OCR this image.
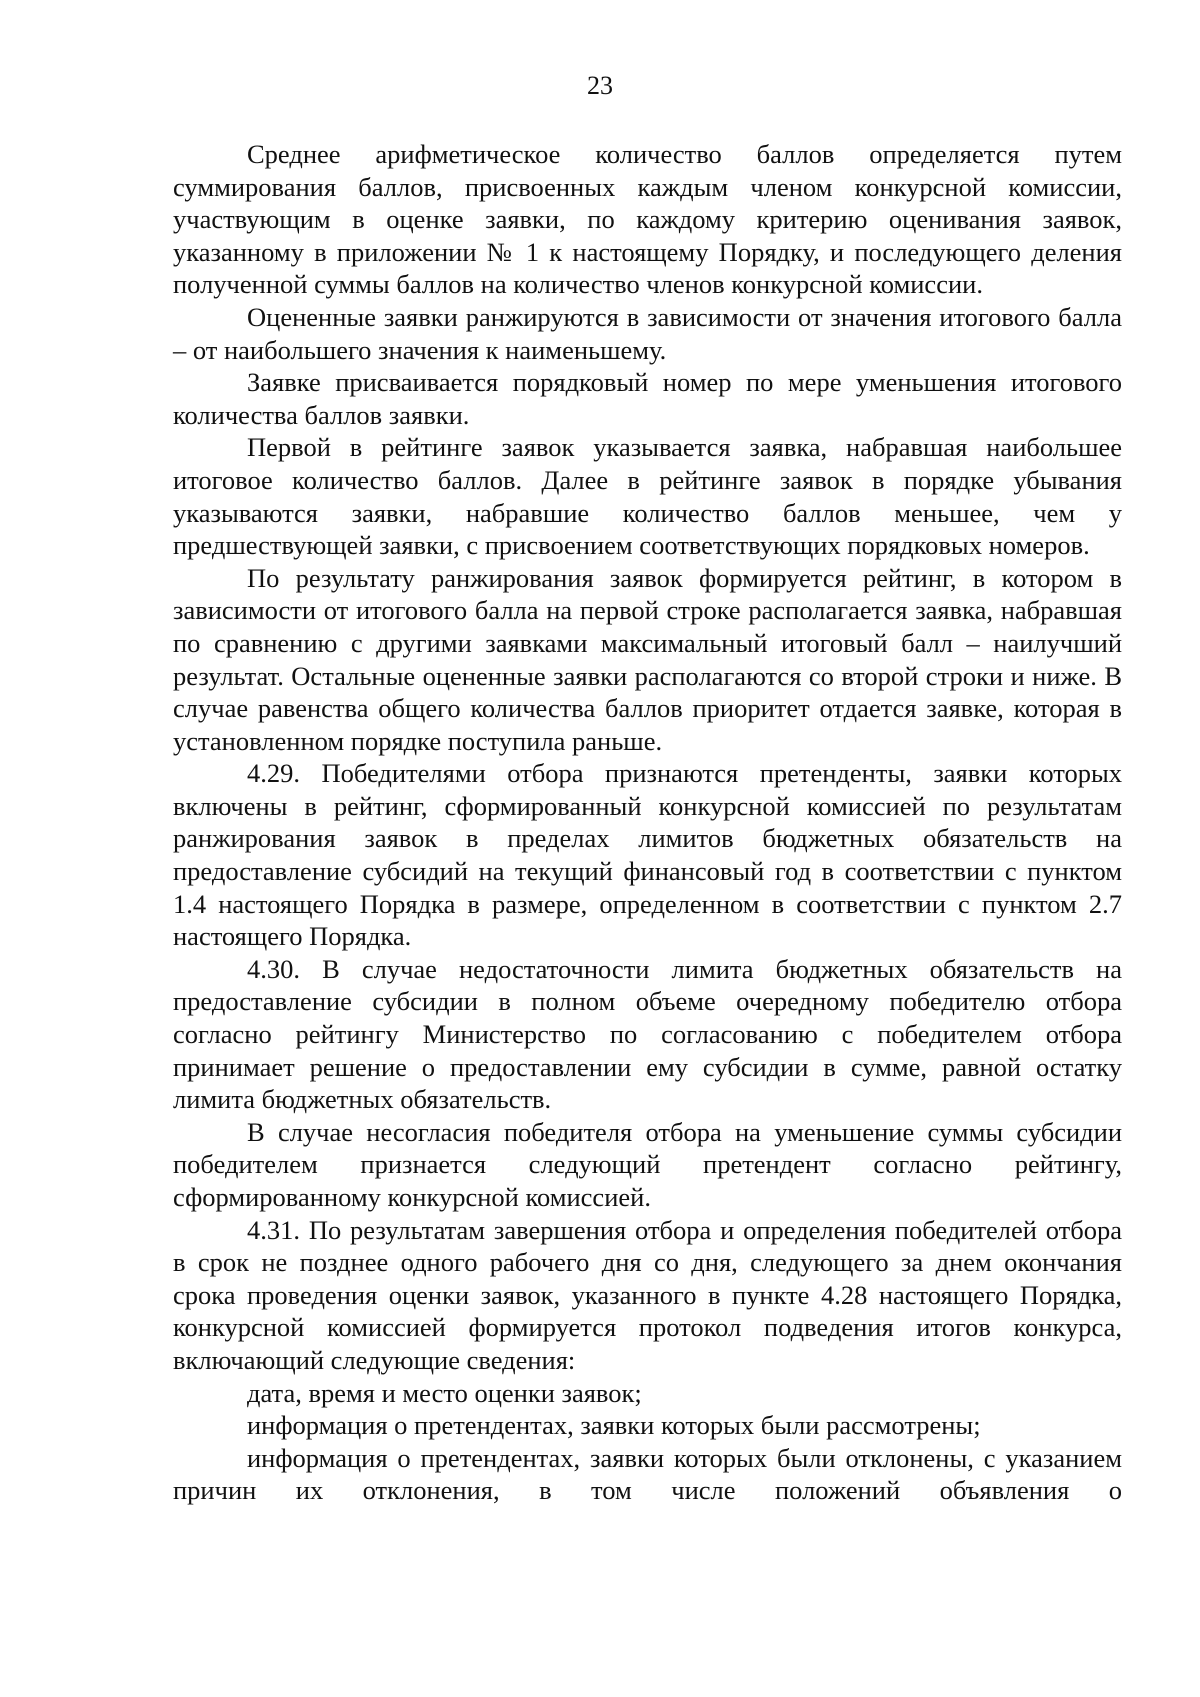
23

Среднее арифметическое количество баллов определяется путем суммирования баллов, присвоенных каждым членом конкурсной комиссии, участвующим в оценке заявки, по каждому критерию оценивания заявок, указанному в приложении № 1 к настоящему Порядку, и последующего деления полученной суммы баллов на количество членов конкурсной комиссии.

Оцененные заявки ранжируются в зависимости от значения итогового балла – от наибольшего значения к наименьшему.

Заявке присваивается порядковый номер по мере уменьшения итогового количества баллов заявки.

Первой в рейтинге заявок указывается заявка, набравшая наибольшее итоговое количество баллов. Далее в рейтинге заявок в порядке убывания указываются заявки, набравшие количество баллов меньшее, чем у предшествующей заявки, с присвоением соответствующих порядковых номеров.

По результату ранжирования заявок формируется рейтинг, в котором в зависимости от итогового балла на первой строке располагается заявка, набравшая по сравнению с другими заявками максимальный итоговый балл – наилучший результат. Остальные оцененные заявки располагаются со второй строки и ниже. В случае равенства общего количества баллов приоритет отдается заявке, которая в установленном порядке поступила раньше.

4.29. Победителями отбора признаются претенденты, заявки которых включены в рейтинг, сформированный конкурсной комиссией по результатам ранжирования заявок в пределах лимитов бюджетных обязательств на предоставление субсидий на текущий финансовый год в соответствии с пунктом 1.4 настоящего Порядка в размере, определенном в соответствии с пунктом 2.7 настоящего Порядка.

4.30. В случае недостаточности лимита бюджетных обязательств на предоставление субсидии в полном объеме очередному победителю отбора согласно рейтингу Министерство по согласованию с победителем отбора принимает решение о предоставлении ему субсидии в сумме, равной остатку лимита бюджетных обязательств.

В случае несогласия победителя отбора на уменьшение суммы субсидии победителем признается следующий претендент согласно рейтингу, сформированному конкурсной комиссией.

4.31. По результатам завершения отбора и определения победителей отбора в срок не позднее одного рабочего дня со дня, следующего за днем окончания срока проведения оценки заявок, указанного в пункте 4.28 настоящего Порядка, конкурсной комиссией формируется протокол подведения итогов конкурса, включающий следующие сведения:

дата, время и место оценки заявок;

информация о претендентах, заявки которых были рассмотрены;

информация о претендентах, заявки которых были отклонены, с указанием причин их отклонения, в том числе положений объявления о
